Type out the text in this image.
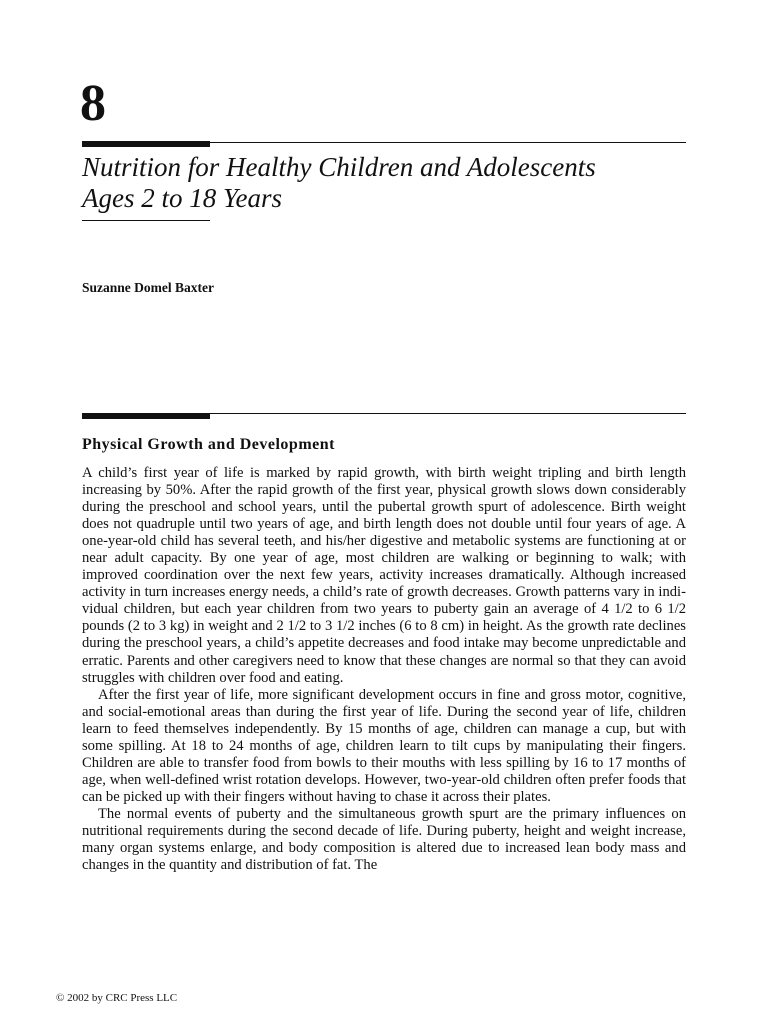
8
Nutrition for Healthy Children and Adolescents
Ages 2 to 18 Years

Suzanne Domel Baxter

Physical Growth and Development

A child’s first year of life is marked by rapid growth, with birth weight tripling and birth length increasing by 50%. After the rapid growth of the first year, physical growth slows down considerably during the preschool and school years, until the pubertal growth spurt of adolescence. Birth weight does not quadruple until two years of age, and birth length does not double until four years of age. A one-year-old child has several teeth, and his/her digestive and metabolic systems are functioning at or near adult capacity. By one year of age, most children are walking or beginning to walk; with improved coordination over the next few years, activity increases dramatically. Although increased activity in turn increases energy needs, a child’s rate of growth decreases. Growth patterns vary in individual children, but each year children from two years to puberty gain an average of 4 1/2 to 6 1/2 pounds (2 to 3 kg) in weight and 2 1/2 to 3 1/2 inches (6 to 8 cm) in height. As the growth rate declines during the preschool years, a child’s appetite decreases and food intake may become unpredictable and erratic. Parents and other caregivers need to know that these changes are normal so that they can avoid struggles with children over food and eating.

After the first year of life, more significant development occurs in fine and gross motor, cognitive, and social-emotional areas than during the first year of life. During the second year of life, children learn to feed themselves independently. By 15 months of age, children can manage a cup, but with some spilling. At 18 to 24 months of age, children learn to tilt cups by manipulating their fingers. Children are able to transfer food from bowls to their mouths with less spilling by 16 to 17 months of age, when well-defined wrist rotation develops. However, two-year-old children often prefer foods that can be picked up with their fingers without having to chase it across their plates.

The normal events of puberty and the simultaneous growth spurt are the primary influences on nutritional requirements during the second decade of life. During puberty, height and weight increase, many organ systems enlarge, and body composition is altered due to increased lean body mass and changes in the quantity and distribution of fat. The

© 2002 by CRC Press LLC
